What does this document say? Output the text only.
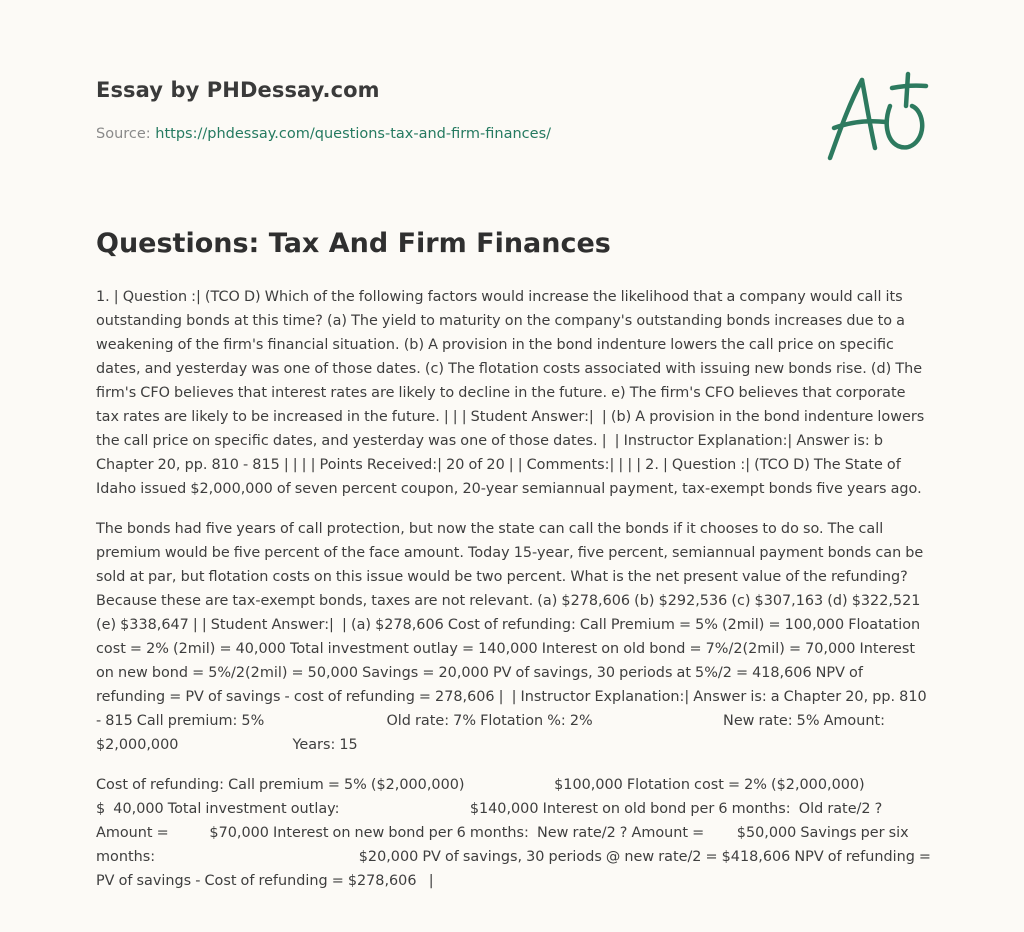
Essay by PHDessay.com
Source: https://phdessay.com/questions-tax-and-firm-finances/
Questions: Tax And Firm Finances

1. | Question :| (TCO D) Which of the following factors would increase the likelihood that a company would call its outstanding bonds at this time? (a) The yield to maturity on the company's outstanding bonds increases due to a weakening of the firm's financial situation. (b) A provision in the bond indenture lowers the call price on specific dates, and yesterday was one of those dates. (c) The flotation costs associated with issuing new bonds rise. (d) The firm's CFO believes that interest rates are likely to decline in the future. e) The firm's CFO believes that corporate tax rates are likely to be increased in the future. | | | Student Answer:|  | (b) A provision in the bond indenture lowers the call price on specific dates, and yesterday was one of those dates. |  | Instructor Explanation:| Answer is: b Chapter 20, pp. 810 - 815 | | | | Points Received:| 20 of 20 | | Comments:| | | | 2. | Question :| (TCO D) The State of Idaho issued $2,000,000 of seven percent coupon, 20-year semiannual payment, tax-exempt bonds five years ago.

The bonds had five years of call protection, but now the state can call the bonds if it chooses to do so. The call premium would be five percent of the face amount. Today 15-year, five percent, semiannual payment bonds can be sold at par, but flotation costs on this issue would be two percent. What is the net present value of the refunding? Because these are tax-exempt bonds, taxes are not relevant. (a) $278,606 (b) $292,536 (c) $307,163 (d) $322,521 (e) $338,647 | | Student Answer:|  | (a) $278,606 Cost of refunding: Call Premium = 5% (2mil) = 100,000 Floatation cost = 2% (2mil) = 40,000 Total investment outlay = 140,000 Interest on old bond = 7%/2(2mil) = 70,000 Interest on new bond = 5%/2(2mil) = 50,000 Savings = 20,000 PV of savings, 30 periods at 5%/2 = 418,606 NPV of refunding = PV of savings - cost of refunding = 278,606 |  | Instructor Explanation:| Answer is: a Chapter 20, pp. 810 - 815 Call premium: 5%                              Old rate: 7% Flotation %: 2%                                New rate: 5% Amount: $2,000,000                            Years: 15

Cost of refunding: Call premium = 5% ($2,000,000)                      $100,000 Flotation cost = 2% ($2,000,000)                   $  40,000 Total investment outlay:                                $140,000 Interest on old bond per 6 months:  Old rate/2 ? Amount =          $70,000 Interest on new bond per 6 months:  New rate/2 ? Amount =        $50,000 Savings per six months:                                                  $20,000 PV of savings, 30 periods @ new rate/2 = $418,606 NPV of refunding = PV of savings - Cost of refunding = $278,606   |
